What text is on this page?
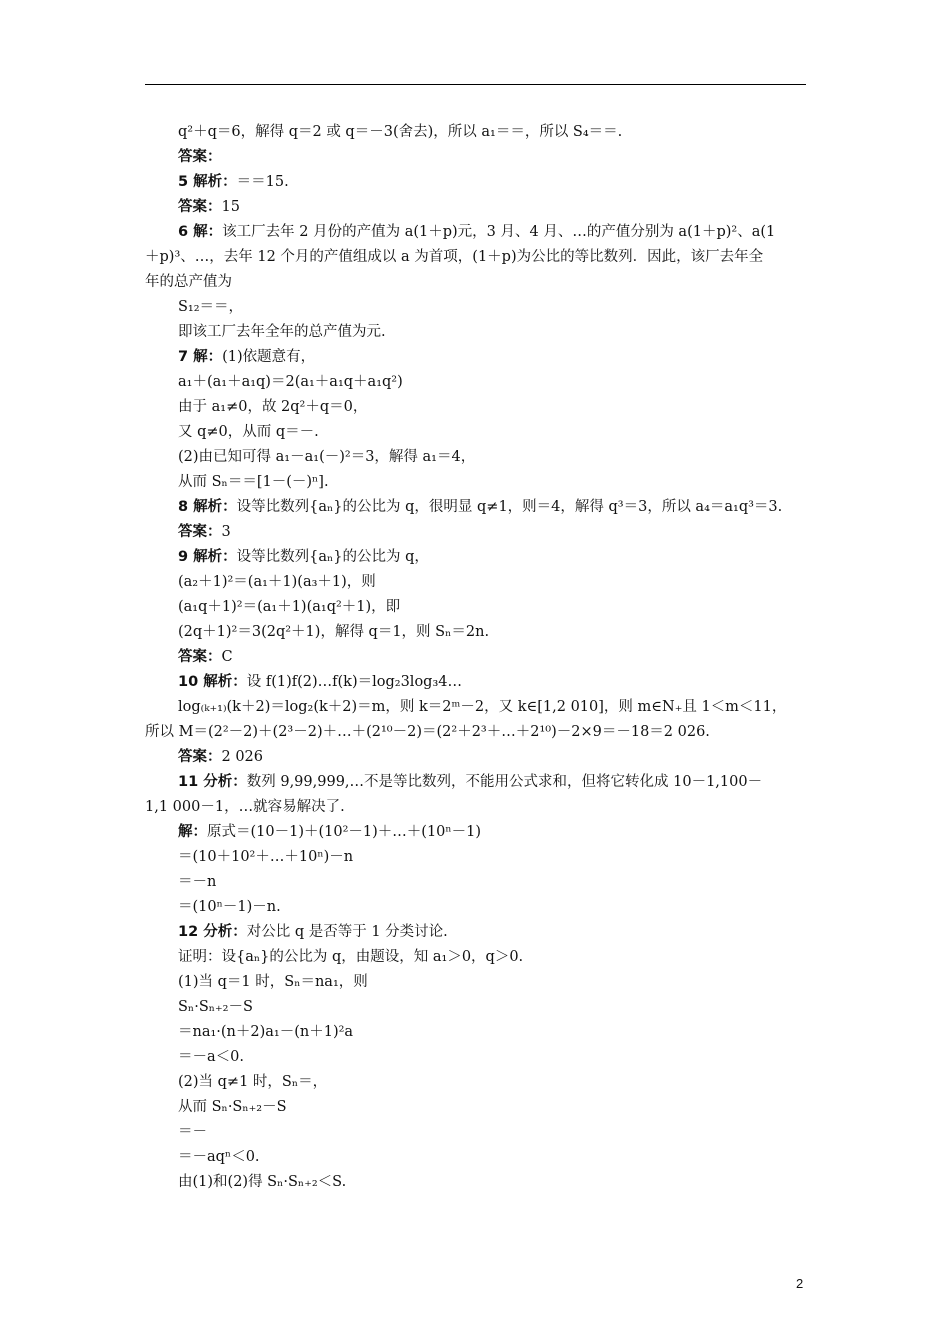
q²＋q＝6，解得 q＝2 或 q＝－3(舍去)，所以 a₁＝＝，所以 S₄＝＝.
答案：
5 解析：＝＝15.
答案：15
6 解：该工厂去年 2 月份的产值为 a(1＋p)元，3 月、4 月、…的产值分别为 a(1＋p)²、a(1
＋p)³、…，去年 12 个月的产值组成以 a 为首项，(1＋p)为公比的等比数列．因此，该厂去年全
年的总产值为
S₁₂＝＝，
即该工厂去年全年的总产值为元.
7 解：(1)依题意有，
a₁＋(a₁＋a₁q)＝2(a₁＋a₁q＋a₁q²)
由于 a₁≠0，故 2q²＋q＝0，
又 q≠0，从而 q＝－.
(2)由已知可得 a₁－a₁(－)²＝3，解得 a₁＝4，
从而 Sₙ＝＝[1－(－)ⁿ].
8 解析：设等比数列{aₙ}的公比为 q，很明显 q≠1，则＝4，解得 q³＝3，所以 a₄＝a₁q³＝3.
答案：3
9 解析：设等比数列{aₙ}的公比为 q，
(a₂＋1)²＝(a₁＋1)(a₃＋1)，则
(a₁q＋1)²＝(a₁＋1)(a₁q²＋1)，即
(2q＋1)²＝3(2q²＋1)，解得 q＝1，则 Sₙ＝2n.
答案：C
10 解析：设 f(1)f(2)…f(k)＝log₂3log₃4…
log₍ₖ₊₁₎(k＋2)＝log₂(k＋2)＝m，则 k＝2ᵐ－2，又 k∈[1,2 010]，则 m∈N₊且 1＜m＜11，
所以 M＝(2²－2)＋(2³－2)＋…＋(2¹⁰－2)＝(2²＋2³＋…＋2¹⁰)－2×9＝－18＝2 026.
答案：2 026
11 分析：数列 9,99,999,…不是等比数列，不能用公式求和，但将它转化成 10－1,100－
1,1 000－1，…就容易解决了.
解：原式＝(10－1)＋(10²－1)＋…＋(10ⁿ－1)
＝(10＋10²＋…＋10ⁿ)－n
＝－n
＝(10ⁿ－1)－n.
12 分析：对公比 q 是否等于 1 分类讨论.
证明：设{aₙ}的公比为 q，由题设，知 a₁＞0，q＞0.
(1)当 q＝1 时，Sₙ＝na₁，则
Sₙ·Sₙ₊₂－S
＝na₁·(n＋2)a₁－(n＋1)²a
＝－a＜0.
(2)当 q≠1 时，Sₙ＝，
从而 Sₙ·Sₙ₊₂－S
＝－
＝－aqⁿ＜0.
由(1)和(2)得 Sₙ·Sₙ₊₂＜S.
2
